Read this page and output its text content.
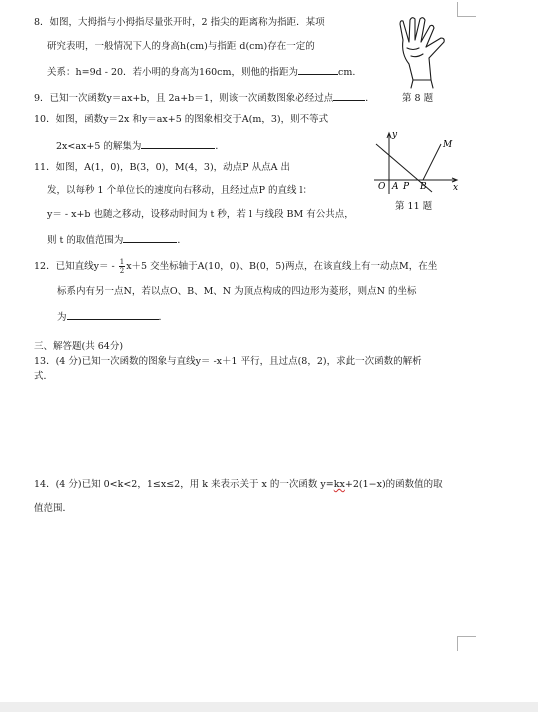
8．如图，大拇指与小拇指尽量张开时，2 指尖的距离称为指距．某项
研究表明，一般情况下人的身高h(cm)与指距 d(cm)存在一定的
关系：h=9d - 20．若小明的身高为160cm，则他的指距为	cm.
9．已知一次函数y＝ax+b，且 2a+b＝1，则该一次函数图象必经过点	．	第 8 题
10．如图，函数y＝2x 和y＝ax+5 的图象相交于A(m，3)，则不等式
2x<ax+5 的解集为	．
11．如图，A(1，0)，B(3，0)，M(4，3)，动点P 从点A 出
发，以每秒 1 个单位长的速度向右移动，且经过点P 的直线 l：
y＝ - x+b 也随之移动，设移动时间为 t 秒，若 l 与线段 BM 有公共点，
则 t 的取值范围为	．
y
O A P B	x
M
第 11 题
12．已知直线$y= - \frac{1}{2} x+5$ 交坐标轴于A(10，0)、B(0，5)两点，在该直线上有一动点M，在坐
标系内有另一点N，若以点O、B、M、N 为顶点构成的四边形为菱形，则点N 的坐标
为	．
三、解答题(共 64分)
13．(4 分)已知一次函数的图象与直线y＝ -x＋1 平行，且过点(8，2)，求此一次函数的解析
式．
14．(4 分)已知 0<k<2，1≤x≤2，用 k 来表示关于 x 的一次函数 y=kx+2(1−x)的函数值的取
值范围．
